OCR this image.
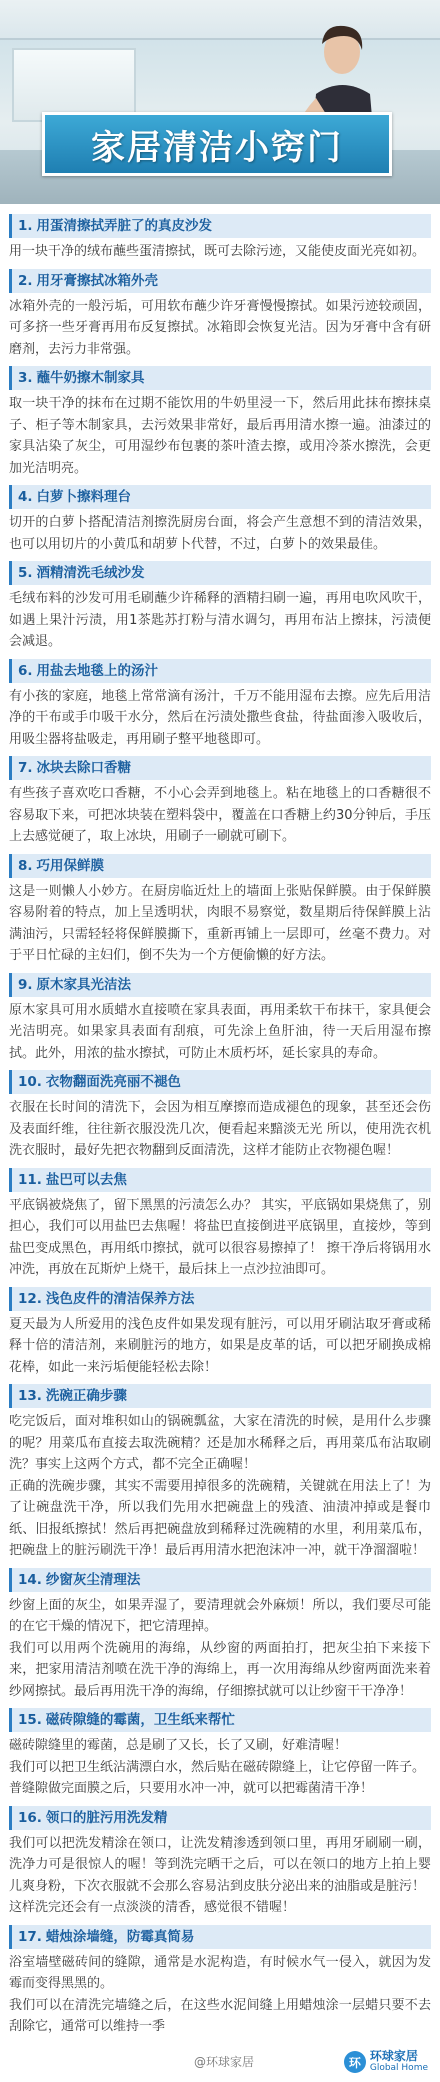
家居清洁小窍门
1. 用蛋清擦拭弄脏了的真皮沙发

用一块干净的绒布蘸些蛋清擦拭，既可去除污迹，又能使皮面光亮如初。

2. 用牙膏擦拭冰箱外壳

冰箱外壳的一般污垢，可用软布蘸少许牙膏慢慢擦拭。如果污迹较顽固，可多挤一些牙膏再用布反复擦拭。冰箱即会恢复光洁。因为牙膏中含有研磨剂，去污力非常强。

3. 蘸牛奶擦木制家具

取一块干净的抹布在过期不能饮用的牛奶里浸一下，然后用此抹布擦抹桌子、柜子等木制家具，去污效果非常好，最后再用清水擦一遍。油漆过的家具沾染了灰尘，可用湿纱布包裹的茶叶渣去擦，或用冷茶水擦洗，会更加光洁明亮。

4. 白萝卜擦料理台

切开的白萝卜搭配清洁剂擦洗厨房台面，将会产生意想不到的清洁效果，也可以用切片的小黄瓜和胡萝卜代替，不过，白萝卜的效果最佳。

5. 酒精清洗毛绒沙发

毛绒布料的沙发可用毛刷蘸少许稀释的酒精扫刷一遍，再用电吹风吹干，如遇上果汁污渍，用1茶匙苏打粉与清水调匀，再用布沾上擦抹，污渍便会减退。

6. 用盐去地毯上的汤汁

有小孩的家庭，地毯上常常滴有汤汁，千万不能用湿布去擦。应先后用洁净的干布或手巾吸干水分，然后在污渍处撒些食盐，待盐面渗入吸收后，用吸尘器将盐吸走，再用刷子整平地毯即可。

7. 冰块去除口香糖

有些孩子喜欢吃口香糖，不小心会弄到地毯上。粘在地毯上的口香糖很不容易取下来，可把冰块装在塑料袋中，覆盖在口香糖上约30分钟后，手压上去感觉硬了，取上冰块，用刷子一刷就可刷下。

8. 巧用保鲜膜

这是一则懒人小妙方。在厨房临近灶上的墙面上张贴保鲜膜。由于保鲜膜容易附着的特点，加上呈透明状，肉眼不易察觉，数星期后待保鲜膜上沾满油污，只需轻轻将保鲜膜撕下，重新再铺上一层即可，丝毫不费力。对于平日忙碌的主妇们，倒不失为一个方便偷懒的好方法。

9. 原木家具光洁法

原木家具可用水质蜡水直接喷在家具表面，再用柔软干布抹干，家具便会光洁明亮。如果家具表面有刮痕，可先涂上鱼肝油，待一天后用湿布擦拭。此外，用浓的盐水擦拭，可防止木质朽坏，延长家具的寿命。

10. 衣物翻面洗亮丽不褪色

衣服在长时间的清洗下，会因为相互摩擦而造成褪色的现象，甚至还会伤及表面纤维，往往新衣服没洗几次，便看起来黯淡无光 所以，使用洗衣机洗衣服时，最好先把衣物翻到反面清洗，这样才能防止衣物褪色喔！

11. 盐巴可以去焦

平底锅被烧焦了，留下黑黑的污渍怎么办？ 其实，平底锅如果烧焦了，别担心，我们可以用盐巴去焦喔！将盐巴直接倒进平底锅里，直接炒，等到盐巴变成黑色，再用纸巾擦拭，就可以很容易擦掉了！ 擦干净后将锅用水冲洗，再放在瓦斯炉上烧干，最后抹上一点沙拉油即可。

12. 浅色皮件的清洁保养方法

夏天最为人所爱用的浅色皮件如果发现有脏污，可以用牙刷沾取牙膏或稀释十倍的清洁剂，来刷脏污的地方，如果是皮革的话，可以把牙刷换成棉花棒，如此一来污垢便能轻松去除！

13. 洗碗正确步骤

吃完饭后，面对堆积如山的锅碗瓢盆，大家在清洗的时候，是用什么步骤的呢？用菜瓜布直接去取洗碗精？还是加水稀释之后，再用菜瓜布沾取刷洗？事实上这两个方式，都不完全正确喔！
正确的洗碗步骤，其实不需要用掉很多的洗碗精，关键就在用法上了！为了让碗盘洗干净，所以我们先用水把碗盘上的残渣、油渍冲掉或是餐巾纸、旧报纸擦拭！然后再把碗盘放到稀释过洗碗精的水里，利用菜瓜布，把碗盘上的脏污刷洗干净！最后再用清水把泡沫冲一冲，就干净溜溜啦！

14. 纱窗灰尘清理法

纱窗上面的灰尘，如果弄湿了，要清理就会外麻烦！所以，我们要尽可能的在它干燥的情况下，把它清理掉。
我们可以用两个洗碗用的海绵，从纱窗的两面拍打，把灰尘拍下来接下来，把家用清洁剂喷在洗干净的海绵上，再一次用海绵从纱窗两面洗来着纱网擦拭。最后再用洗干净的海绵，仔细擦拭就可以让纱窗干干净净！

15. 磁砖隙缝的霉菌，卫生纸来帮忙

磁砖隙缝里的霉菌，总是刷了又长，长了又刷，好难清喔！
我们可以把卫生纸沾满漂白水，然后贴在磁砖隙缝上，让它停留一阵子。
普缝隙做完面膜之后，只要用水冲一冲，就可以把霉菌清干净！

16. 领口的脏污用洗发精

我们可以把洗发精涂在领口，让洗发精渗透到领口里，再用牙刷刷一刷，洗净力可是很惊人的喔！等到洗完晒干之后，可以在领口的地方上拍上婴儿爽身粉，下次衣服就不会那么容易沾到皮肤分泌出来的油脂或是脏污！
这样洗完还会有一点淡淡的清香，感觉很不错喔！

17. 蜡烛涂墙缝，防霉真简易

浴室墙壁磁砖间的缝隙，通常是水泥构造，有时候水气一侵入，就因为发霉而变得黑黑的。
我们可以在清洗完墙缝之后，在这些水泥间缝上用蜡烛涂一层蜡只要不去刮除它，通常可以维持一季

@环球家居	环 环球家居
Global Home
